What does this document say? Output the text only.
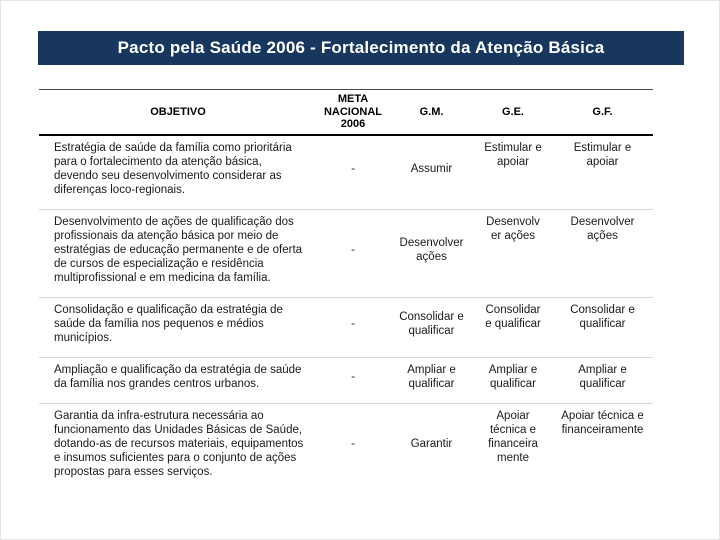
Pacto pela Saúde 2006 - Fortalecimento da Atenção Básica
OBJETIVO	META NACIONAL 2006	G.M.	G.E.	G.F.
Estratégia de saúde da família como prioritária para o fortalecimento da atenção básica, devendo seu desenvolvimento considerar as diferenças loco-regionais.	-	Assumir	Estimular e apoiar	Estimular e apoiar
Desenvolvimento de ações de qualificação dos profissionais da atenção básica por meio de estratégias de educação permanente e de oferta de cursos de especialização e residência multiprofissional e em medicina da família.	-	Desenvolver ações	Desenvolver ações	Desenvolver ações
Consolidação e qualificação da estratégia de saúde da família nos pequenos e médios municípios.	-	Consolidar e qualificar	Consolidar e qualificar	Consolidar e qualificar
Ampliação e qualificação da estratégia de saúde da família nos grandes centros urbanos.	-	Ampliar e qualificar	Ampliar e qualificar	Ampliar e qualificar
Garantia da infra-estrutura necessária ao funcionamento das Unidades Básicas de Saúde, dotando-as de recursos materiais, equipamentos e insumos suficientes para o conjunto de ações propostas para esses serviços.	-	Garantir	Apoiar técnica e financeiramente	Apoiar técnica e financeiramente
